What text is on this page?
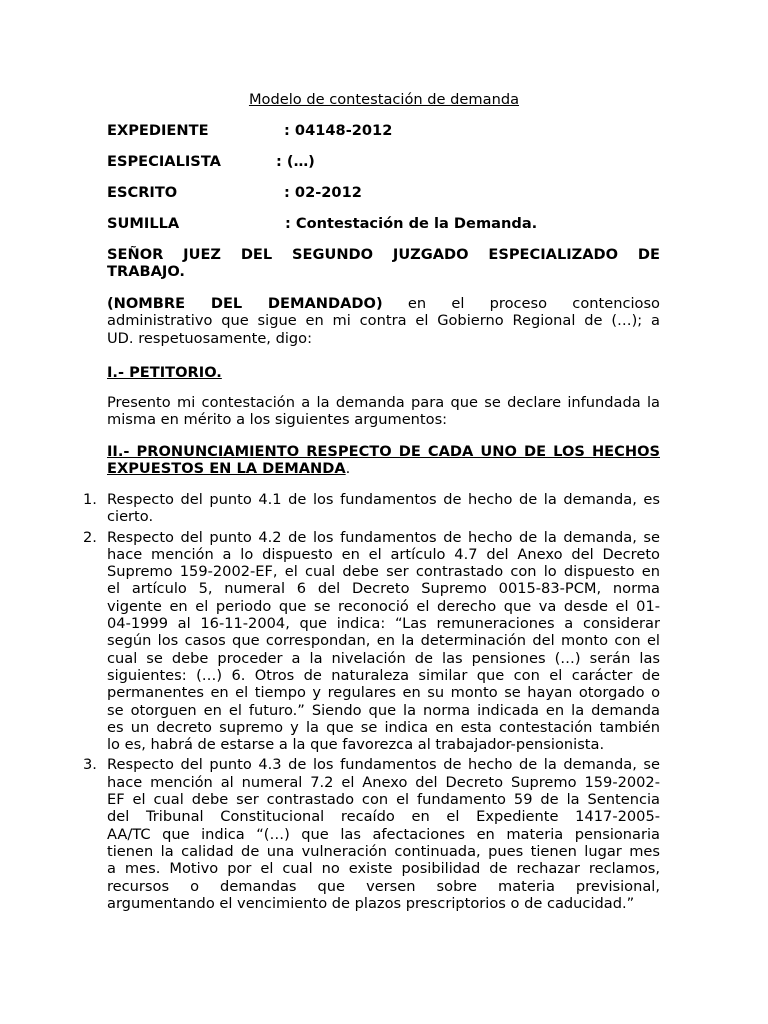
Modelo de contestación de demanda
EXPEDIENTE	: 04148-2012
ESPECIALISTA	: (…)
ESCRITO	: 02-2012
SUMILLA	: Contestación de la Demanda.
SEÑOR JUEZ DEL SEGUNDO JUZGADO ESPECIALIZADO DE
TRABAJO.
(NOMBRE DEL DEMANDADO) en el proceso contencioso
administrativo que sigue en mi contra el Gobierno Regional de (…); a
UD. respetuosamente, digo:
I.- PETITORIO.
Presento mi contestación a la demanda para que se declare infundada la
misma en mérito a los siguientes argumentos:
II.- PRONUNCIAMIENTO RESPECTO DE CADA UNO DE LOS HECHOS
EXPUESTOS EN LA DEMANDA.
1. Respecto del punto 4.1 de los fundamentos de hecho de la demanda, es
cierto.
2. Respecto del punto 4.2 de los fundamentos de hecho de la demanda, se
hace mención a lo dispuesto en el artículo 4.7 del Anexo del Decreto
Supremo 159-2002-EF, el cual debe ser contrastado con lo dispuesto en
el artículo 5, numeral 6 del Decreto Supremo 0015-83-PCM, norma
vigente en el periodo que se reconoció el derecho que va desde el 01-
04-1999 al 16-11-2004, que indica: “Las remuneraciones a considerar
según los casos que correspondan, en la determinación del monto con el
cual se debe proceder a la nivelación de las pensiones (…) serán las
siguientes: (…) 6. Otros de naturaleza similar que con el carácter de
permanentes en el tiempo y regulares en su monto se hayan otorgado o
se otorguen en el futuro.” Siendo que la norma indicada en la demanda
es un decreto supremo y la que se indica en esta contestación también
lo es, habrá de estarse a la que favorezca al trabajador-pensionista.
3. Respecto del punto 4.3 de los fundamentos de hecho de la demanda, se
hace mención al numeral 7.2 el Anexo del Decreto Supremo 159-2002-
EF el cual debe ser contrastado con el fundamento 59 de la Sentencia
del Tribunal Constitucional recaído en el Expediente 1417-2005-
AA/TC que indica “(…) que las afectaciones en materia pensionaria
tienen la calidad de una vulneración continuada, pues tienen lugar mes
a mes. Motivo por el cual no existe posibilidad de rechazar reclamos,
recursos o demandas que versen sobre materia previsional,
argumentando el vencimiento de plazos prescriptorios o de caducidad.”
